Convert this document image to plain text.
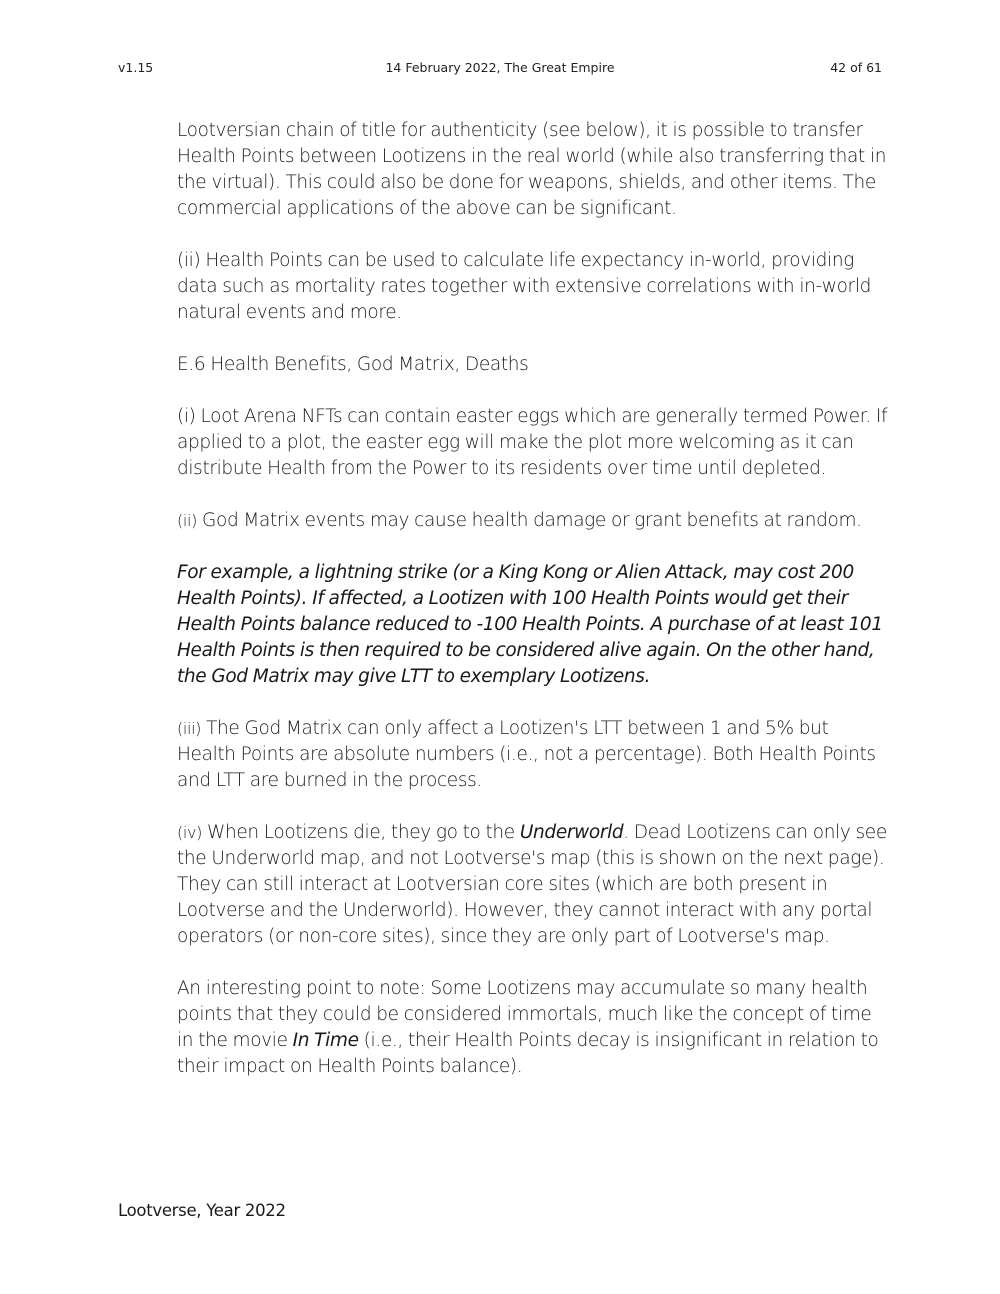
v1.15	14 February 2022, The Great Empire	42 of 61

Lootversian chain of title for authenticity (see below), it is possible to transfer Health Points between Lootizens in the real world (while also transferring that in the virtual). This could also be done for weapons, shields, and other items. The commercial applications of the above can be significant.

(ii) Health Points can be used to calculate life expectancy in-world, providing data such as mortality rates together with extensive correlations with in-world natural events and more.

E.6 Health Benefits, God Matrix, Deaths

(i) Loot Arena NFTs can contain easter eggs which are generally termed Power. If applied to a plot, the easter egg will make the plot more welcoming as it can distribute Health from the Power to its residents over time until depleted.

(ii) God Matrix events may cause health damage or grant benefits at random.

For example, a lightning strike (or a King Kong or Alien Attack, may cost 200 Health Points). If affected, a Lootizen with 100 Health Points would get their Health Points balance reduced to -100 Health Points. A purchase of at least 101 Health Points is then required to be considered alive again. On the other hand, the God Matrix may give LTT to exemplary Lootizens.

(iii) The God Matrix can only affect a Lootizen's LTT between 1 and 5% but Health Points are absolute numbers (i.e., not a percentage). Both Health Points and LTT are burned in the process.

(iv) When Lootizens die, they go to the Underworld. Dead Lootizens can only see the Underworld map, and not Lootverse's map (this is shown on the next page). They can still interact at Lootversian core sites (which are both present in Lootverse and the Underworld). However, they cannot interact with any portal operators (or non-core sites), since they are only part of Lootverse's map.

An interesting point to note: Some Lootizens may accumulate so many health points that they could be considered immortals, much like the concept of time in the movie In Time (i.e., their Health Points decay is insignificant in relation to their impact on Health Points balance).

Lootverse, Year 2022
